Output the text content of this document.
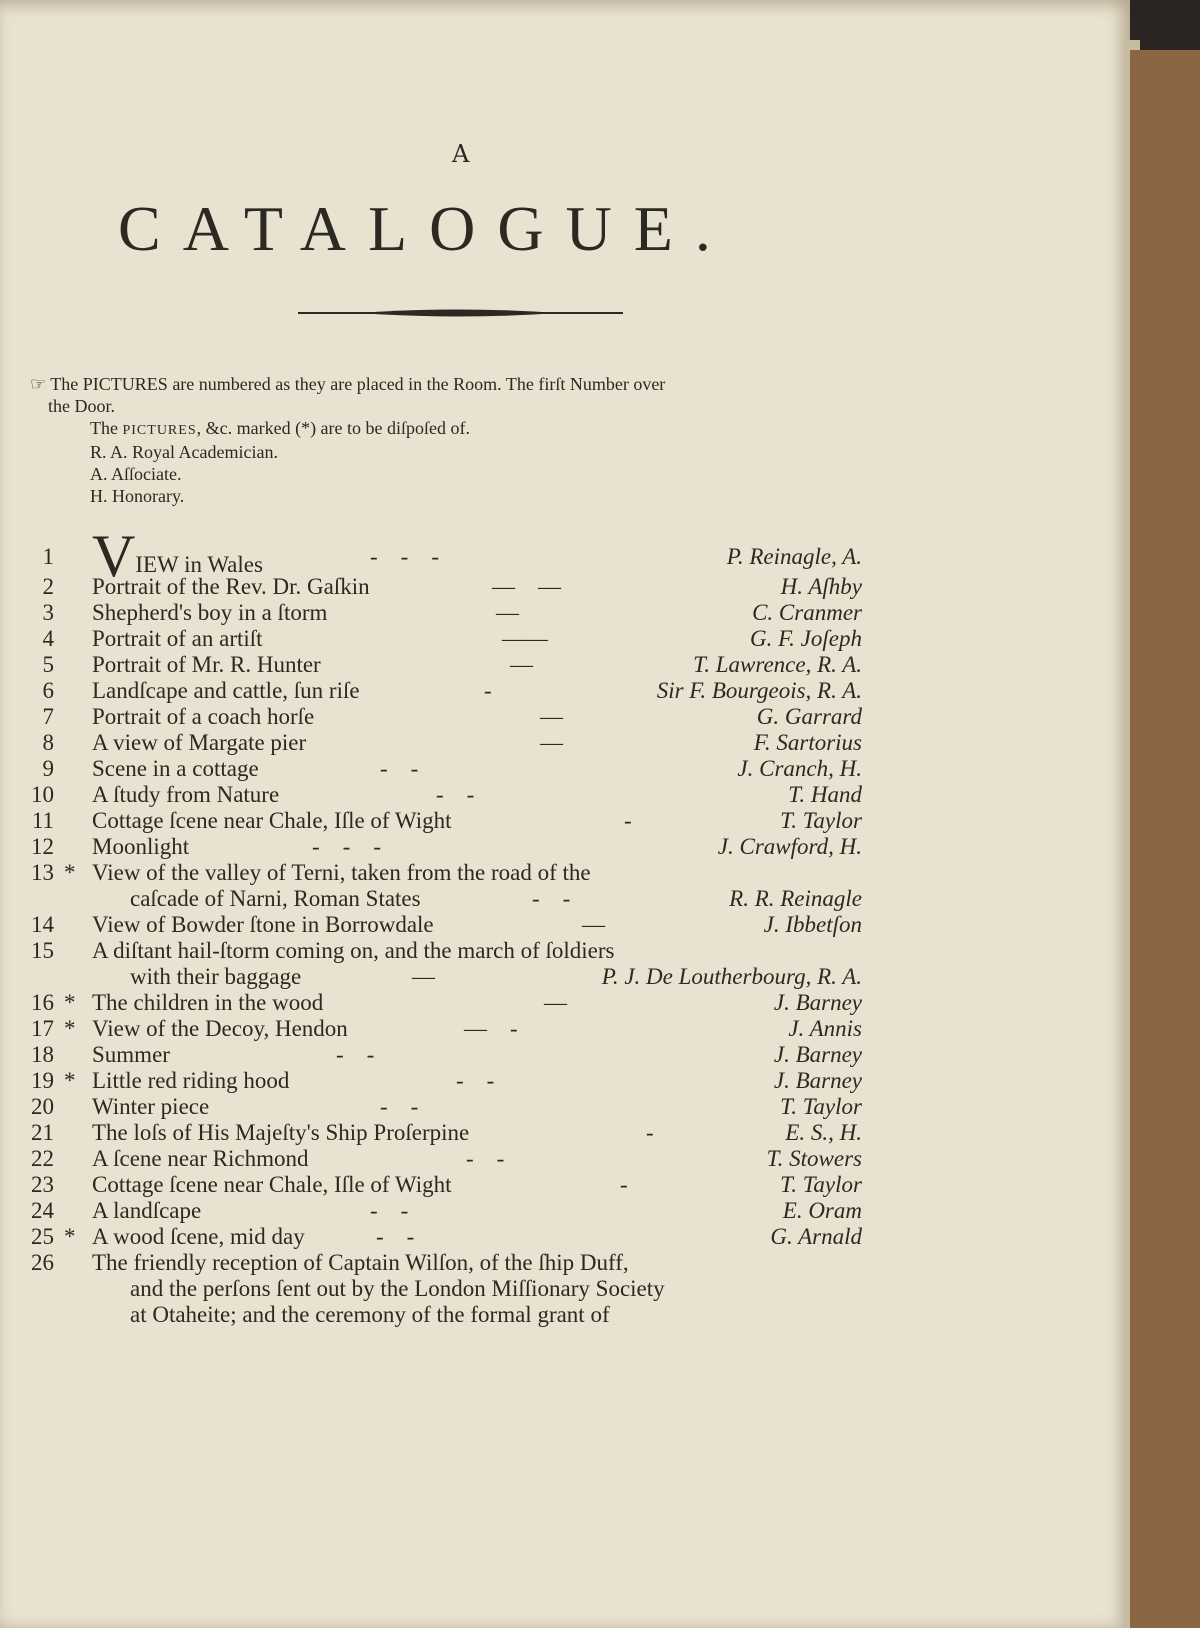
A
CATALOGUE.
☞ The PICTURES are numbered as they are placed in the Room. The firſt Number over
the Door.
The PICTURES, &c. marked (*) are to be diſpoſed of.
R. A. Royal Academician.
A. Aſſociate.
H. Honorary.
1 VIEW in Wales	-    -    -	P. Reinagle, A.
2 Portrait of the Rev. Dr. Gaſkin	—    —	H. Aſhby
3 Shepherd's boy in a ſtorm	—	C. Cranmer
4 Portrait of an artiſt	——	G. F. Joſeph
5 Portrait of Mr. R. Hunter	—	T. Lawrence, R. A.
6 Landſcape and cattle, ſun riſe	-	Sir F. Bourgeois, R. A.
7 Portrait of a coach horſe	—	G. Garrard
8 A view of Margate pier	—	F. Sartorius
9 Scene in a cottage	-    -	J. Cranch, H.
10 A ſtudy from Nature	-    -	T. Hand
11 Cottage ſcene near Chale, Iſle of Wight	-	T. Taylor
12 Moonlight	-    -    -	J. Crawford, H.
13 * View of the valley of Terni, taken from the road of the
caſcade of Narni, Roman States	-    -	R. R. Reinagle
14 View of Bowder ſtone in Borrowdale	—	J. Ibbetſon
15 A diſtant hail-ſtorm coming on, and the march of ſoldiers
with their baggage	—	P. J. De Loutherbourg, R. A.
16 * The children in the wood	—	J. Barney
17 * View of the Decoy, Hendon	—    -	J. Annis
18 Summer	-    -	J. Barney
19 * Little red riding hood	-    -	J. Barney
20 Winter piece	-    -	T. Taylor
21 The loſs of His Majeſty's Ship Proſerpine	-	E. S., H.
22 A ſcene near Richmond	-    -	T. Stowers
23 Cottage ſcene near Chale, Iſle of Wight	-	T. Taylor
24 A landſcape	-    -	E. Oram
25 * A wood ſcene, mid day	-    -	G. Arnald
26 The friendly reception of Captain Wilſon, of the ſhip Duff,
and the perſons ſent out by the London Miſſionary Society
at Otaheite; and the ceremony of the formal grant of
